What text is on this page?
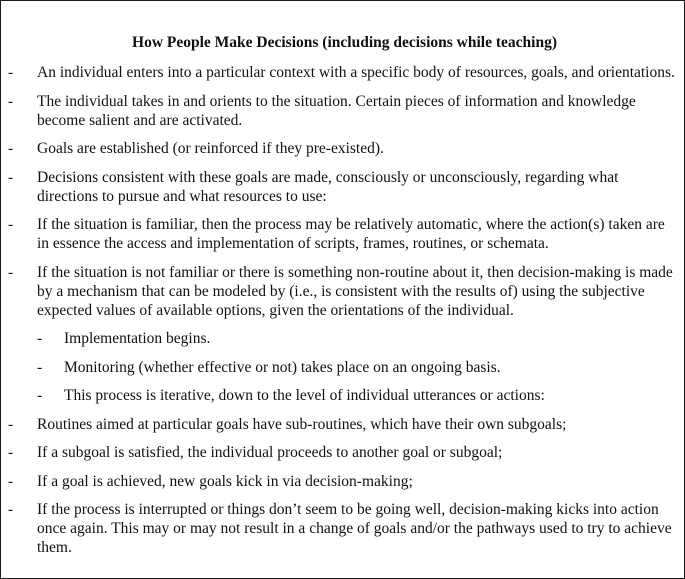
How People Make Decisions (including decisions while teaching)
- An individual enters into a particular context with a specific body of resources, goals, and orientations.
- The individual takes in and orients to the situation. Certain pieces of information and knowledge become salient and are activated.
- Goals are established (or reinforced if they pre-existed).
- Decisions consistent with these goals are made, consciously or unconsciously, regarding what directions to pursue and what resources to use:
- If the situation is familiar, then the process may be relatively automatic, where the action(s) taken are in essence the access and implementation of scripts, frames, routines, or schemata.
- If the situation is not familiar or there is something non-routine about it, then decision-making is made by a mechanism that can be modeled by (i.e., is consistent with the results of) using the subjective expected values of available options, given the orientations of the individual.
- Implementation begins.
- Monitoring (whether effective or not) takes place on an ongoing basis.
- This process is iterative, down to the level of individual utterances or actions:
- Routines aimed at particular goals have sub-routines, which have their own subgoals;
- If a subgoal is satisfied, the individual proceeds to another goal or subgoal;
- If a goal is achieved, new goals kick in via decision-making;
- If the process is interrupted or things don’t seem to be going well, decision-making kicks into action once again. This may or may not result in a change of goals and/or the pathways used to try to achieve them.
